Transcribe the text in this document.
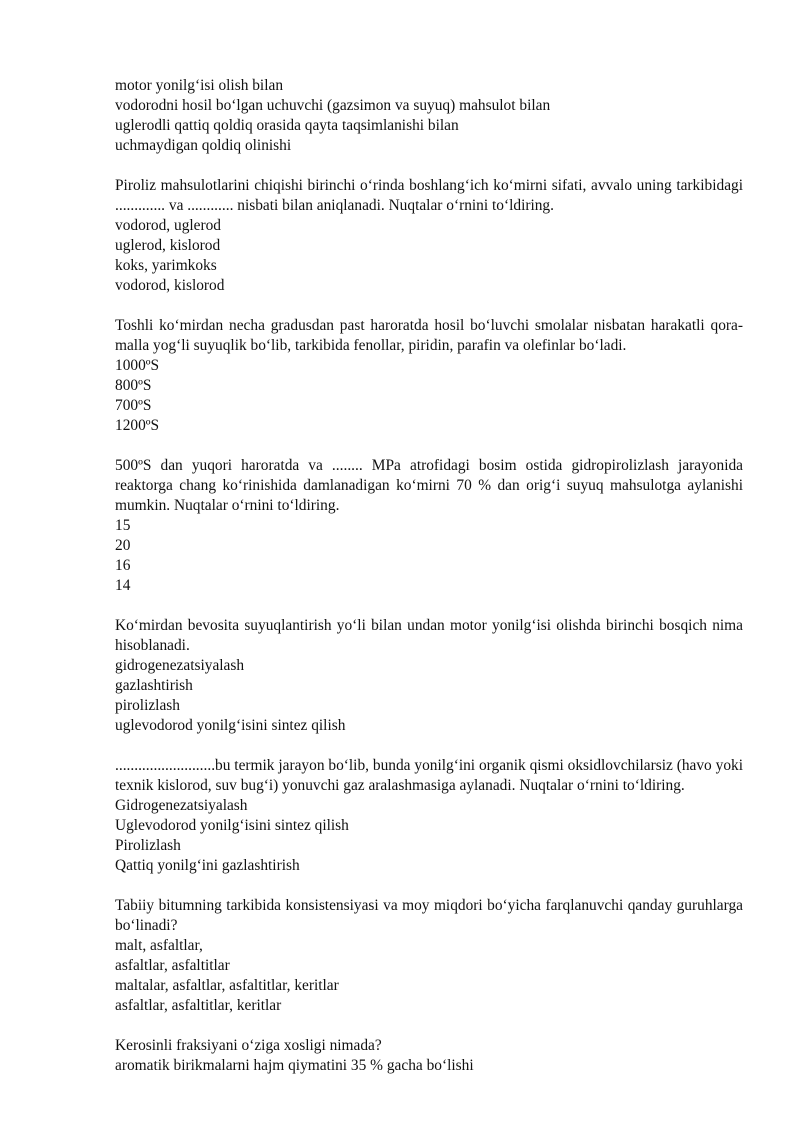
motor yonilg‘isi olish bilan

vodorodni hosil bo‘lgan uchuvchi (gazsimon va suyuq) mahsulot bilan

uglerodli qattiq qoldiq orasida qayta taqsimlanishi bilan

uchmaydigan qoldiq olinishi

Piroliz mahsulotlarini chiqishi birinchi o‘rinda boshlang‘ich ko‘mirni sifati, avvalo uning tarkibidagi ............. va ............ nisbati bilan aniqlanadi. Nuqtalar o‘rnini to‘ldiring.

vodorod, uglerod

uglerod, kislorod

koks, yarimkoks

vodorod, kislorod

Toshli ko‘mirdan necha gradusdan past haroratda hosil bo‘luvchi smolalar nisbatan harakatli qora-malla yog‘li suyuqlik bo‘lib, tarkibida fenollar, piridin, parafin va olefinlar bo‘ladi.

1000ºS

800ºS

700ºS

1200ºS

500ºS dan yuqori haroratda va ........ MPa atrofidagi bosim ostida gidropirolizlash jarayonida reaktorga chang ko‘rinishida damlanadigan ko‘mirni 70 % dan orig‘i suyuq mahsulotga aylanishi mumkin. Nuqtalar o‘rnini to‘ldiring.

15

20

16

14

Ko‘mirdan bevosita suyuqlantirish yo‘li bilan undan motor yonilg‘isi olishda birinchi bosqich nima hisoblanadi.

gidrogenezatsiyalash

gazlashtirish

pirolizlash

uglevodorod yonilg‘isini sintez qilish

..........................bu termik jarayon bo‘lib, bunda yonilg‘ini organik qismi oksidlovchilarsiz (havo yoki texnik kislorod, suv bug‘i) yonuvchi gaz aralashmasiga aylanadi. Nuqtalar o‘rnini to‘ldiring.

Gidrogenezatsiyalash

Uglevodorod yonilg‘isini sintez qilish

Pirolizlash

Qattiq yonilg‘ini gazlashtirish

Tabiiy bitumning tarkibida konsistensiyasi va moy miqdori bo‘yicha farqlanuvchi qanday guruhlarga bo‘linadi?

malt, asfaltlar,

asfaltlar, asfaltitlar

maltalar, asfaltlar, asfaltitlar, keritlar

asfaltlar, asfaltitlar, keritlar

Kerosinli fraksiyani o‘ziga xosligi nimada?

aromatik birikmalarni hajm qiymatini 35 % gacha bo‘lishi
